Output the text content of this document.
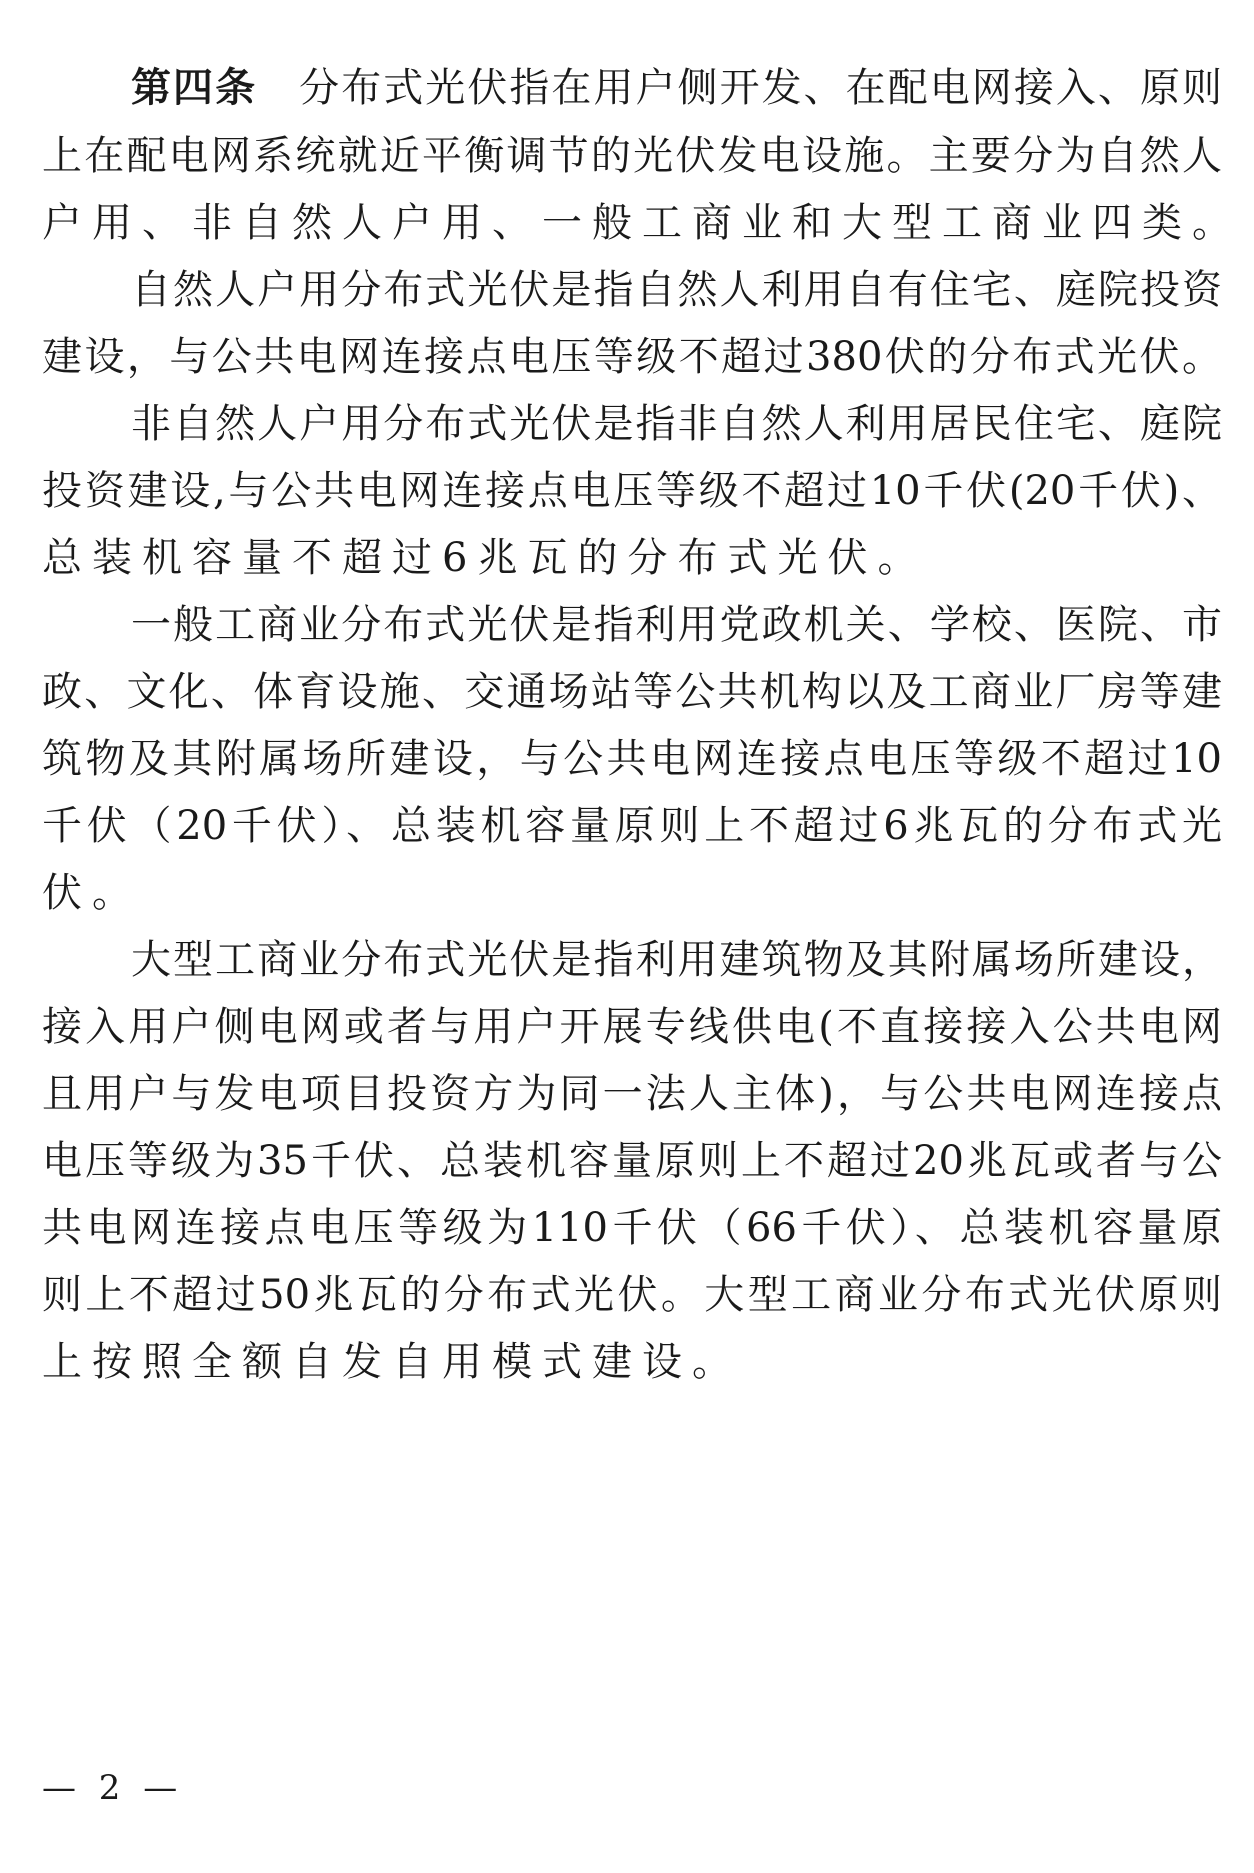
第四条 分布式光伏指在用户侧开发、在配电网接入、原则
上在配电网系统就近平衡调节的光伏发电设施。主要分为自然人
户用、非自然人户用、一般工商业和大型工商业四类。
自然人户用分布式光伏是指自然人利用自有住宅、庭院投资
建设，与公共电网连接点电压等级不超过380伏的分布式光伏。
非自然人户用分布式光伏是指非自然人利用居民住宅、庭院
投资建设,与公共电网连接点电压等级不超过10千伏(20千伏)、
总装机容量不超过6兆瓦的分布式光伏。
一般工商业分布式光伏是指利用党政机关、学校、医院、市
政、文化、体育设施、交通场站等公共机构以及工商业厂房等建
筑物及其附属场所建设，与公共电网连接点电压等级不超过10
千伏（20千伏）、总装机容量原则上不超过6兆瓦的分布式光
伏。
大型工商业分布式光伏是指利用建筑物及其附属场所建设，
接入用户侧电网或者与用户开展专线供电(不直接接入公共电网
且用户与发电项目投资方为同一法人主体)，与公共电网连接点
电压等级为35千伏、总装机容量原则上不超过20兆瓦或者与公
共电网连接点电压等级为110千伏（66千伏）、总装机容量原
则上不超过50兆瓦的分布式光伏。大型工商业分布式光伏原则
上按照全额自发自用模式建设。
— 2 —
